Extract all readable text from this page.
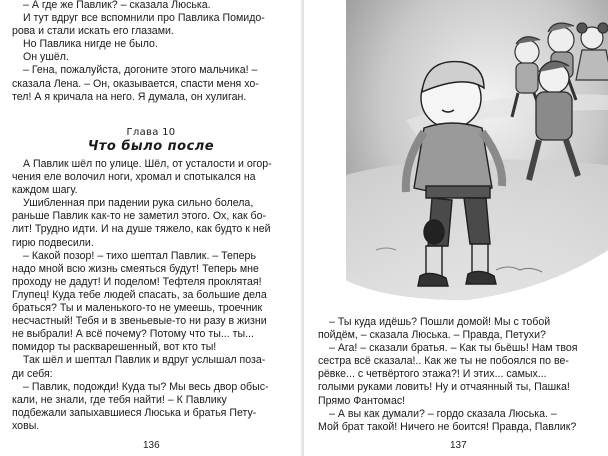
– А где же Павлик? – сказала Люська.
И тут вдруг все вспомнили про Павлика Помидо-
рова и стали искать его глазами.
Но Павлика нигде не было.
Он ушёл.
– Гена, пожалуйста, догоните этого мальчика! –
сказала Лена. – Он, оказывается, спасти меня хо-
тел! А я кричала на него. Я думала, он хулиган.
Глава 10
Что было после
А Павлик шёл по улице. Шёл, от усталости и огор-
чения еле волочил ноги, хромал и спотыкался на
каждом шагу.
Ушибленная при падении рука сильно болела,
раньше Павлик как-то не заметил этого. Ох, как бо-
лит! Трудно идти. И на душе тяжело, как будто к ней
гирю подвесили.
– Какой позор! – тихо шептал Павлик. – Теперь
надо мной всю жизнь смеяться будут! Теперь мне
проходу не дадут! И поделом! Тефтеля проклятая!
Глупец! Куда тебе людей спасать, за большие дела
браться? Ты и маленького-то не умеешь, троечник
несчастный! Тебя и в звеньевые-то ни разу в жизни
не выбрали! А всё почему? Потому что ты... ты...
помидор ты раскварешенный, вот кто ты!
Так шёл и шептал Павлик и вдруг услышал поза-
ди себя:
– Павлик, подожди! Куда ты? Мы весь двор обыс-
кали, не знали, где тебя найти! – К Павлику
подбежали запыхавшиеся Люська и братья Пету-
ховы.
136
– Ты куда идёшь? Пошли домой! Мы с тобой
пойдём, – сказала Люська. – Правда, Петухи?
– Ага! – сказали братья. – Как ты бьёшь! Нам твоя
сестра всё сказала!.. Как же ты не побоялся по ве-
рёвке... с четвёртого этажа?! И этих... самых...
голыми руками ловить! Ну и отчаянный ты, Пашка!
Прямо Фантомас!
– А вы как думали? – гордо сказала Люська. –
Мой брат такой! Ничего не боится! Правда, Павлик?
137
